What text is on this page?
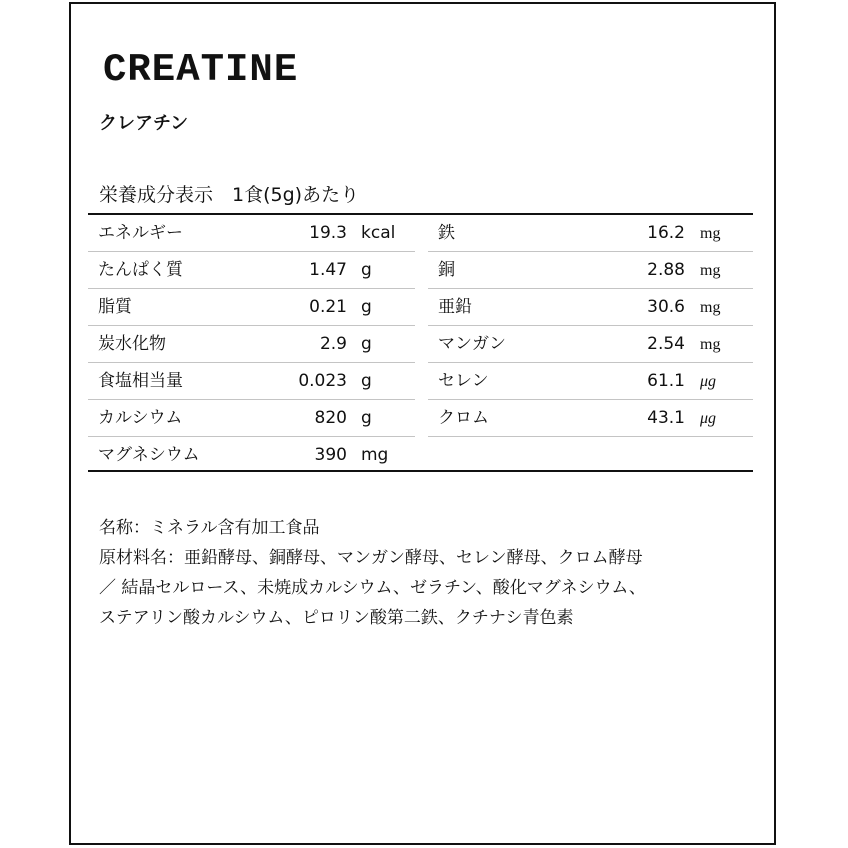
CREATINE
クレアチン
栄養成分表示　1食(5g)あたり
エネルギー	19.3 kcal
たんぱく質	1.47 g
脂質	0.21 g
炭水化物	2.9 g
食塩相当量	0.023 g
カルシウム	820 g
マグネシウム	390 mg
鉄	16.2 mg
銅	2.88 mg
亜鉛	30.6 mg
マンガン	2.54 mg
セレン	61.1 μg
クロム	43.1 μg

名称：ミネラル含有加工食品

原材料名：亜鉛酵母、銅酵母、マンガン酵母、セレン酵母、クロム酵母

／ 結晶セルロース、未焼成カルシウム、ゼラチン、酸化マグネシウム、

ステアリン酸カルシウム、ピロリン酸第二鉄、クチナシ青色素
